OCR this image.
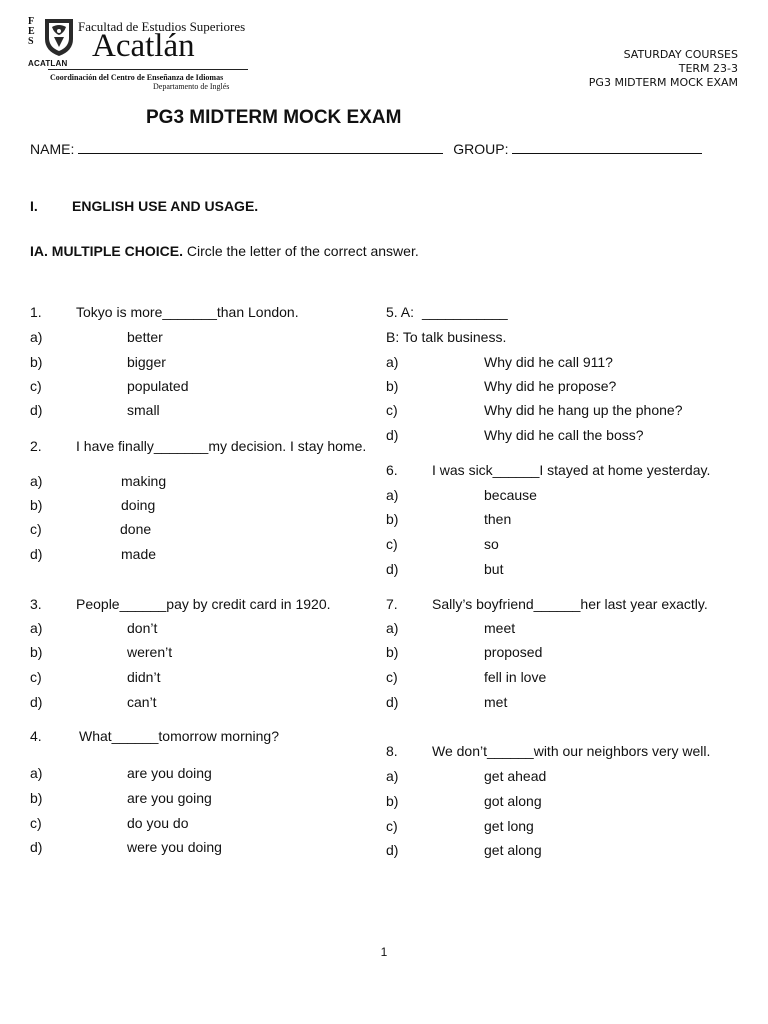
F
E
S
ACATLAN
Facultad de Estudios Superiores
Acatlán
Coordinación del Centro de Enseñanza de Idiomas
Departamento de Inglés
SATURDAY COURSES
TERM 23-3
PG3 MIDTERM MOCK EXAM
PG3 MIDTERM MOCK EXAM
NAME:	GROUP:
I. ENGLISH USE AND USAGE.
IA. MULTIPLE CHOICE. Circle the letter of the correct answer.
1. Tokyo is more_______than London.
a)	better
b)	bigger
c)	populated
d)	small
2. I have finally_______my decision. I stay home.
a)	making
b)	doing
c)	done
d)	made
3. People______pay by credit card in 1920.
a)	don’t
b)	weren’t
c)	didn’t
d)	can’t
4.	What______tomorrow morning?
a)	are you doing
b)	are you going
c)	do you do
d)	were you doing
5. A: ___________
B: To talk business.
a)	Why did he call 911?
b)	Why did he propose?
c)	Why did he hang up the phone?
d)	Why did he call the boss?
6. I was sick______I stayed at home yesterday.
a)	because
b)	then
c)	so
d)	but
7. Sally’s boyfriend______her last year exactly.
a)	meet
b)	proposed
c)	fell in love
d)	met
8. We don’t______with our neighbors very well.
a)	get ahead
b)	got along
c)	get long
d)	get along
1
